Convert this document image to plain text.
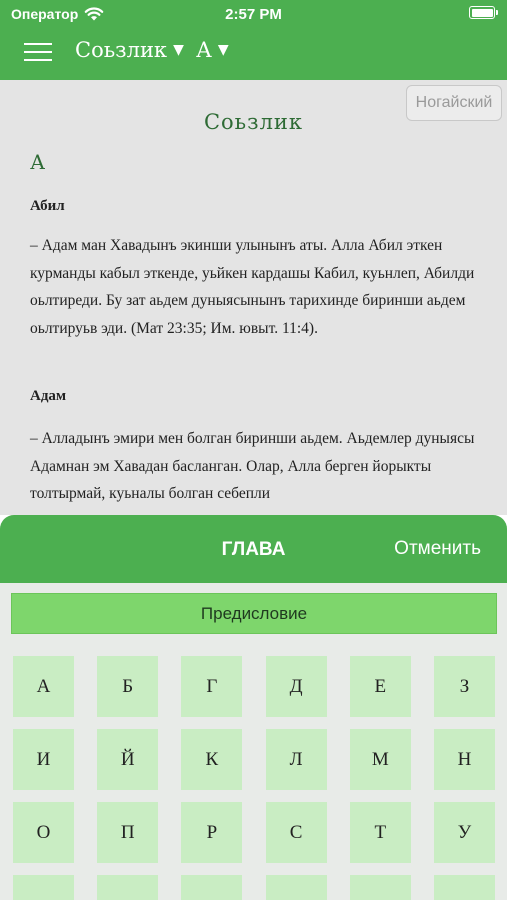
Оператор	2:57 PM
Соьзлик ▼ А ▼
Ногайский
Соьзлик
А
Абил
– Адам ман Хавадынъ экинши улынынъ аты. Алла Абил эткен курманды кабыл эткенде, уьйкен кардашы Кабил, куьнлеп, Абилди оьлтиреди. Бу зат аьдем дуныясынынъ тарихинде биринши аьдем оьлтируьв эди. (Мат 23:35; Им. ювыт. 11:4).
Адам
– Алладынъ эмири мен болган биринши аьдем. Аьдемлер дуныясы Адамнан эм Хавадан басланган. Олар, Алла берген йорыкты толтырмай, куьналы болган себепли
ГЛАВА	Отменить
Предисловие
А	Б	Г	Д	Е	З
И	Й	К	Л	М	Н
О	П	Р	С	Т	У
